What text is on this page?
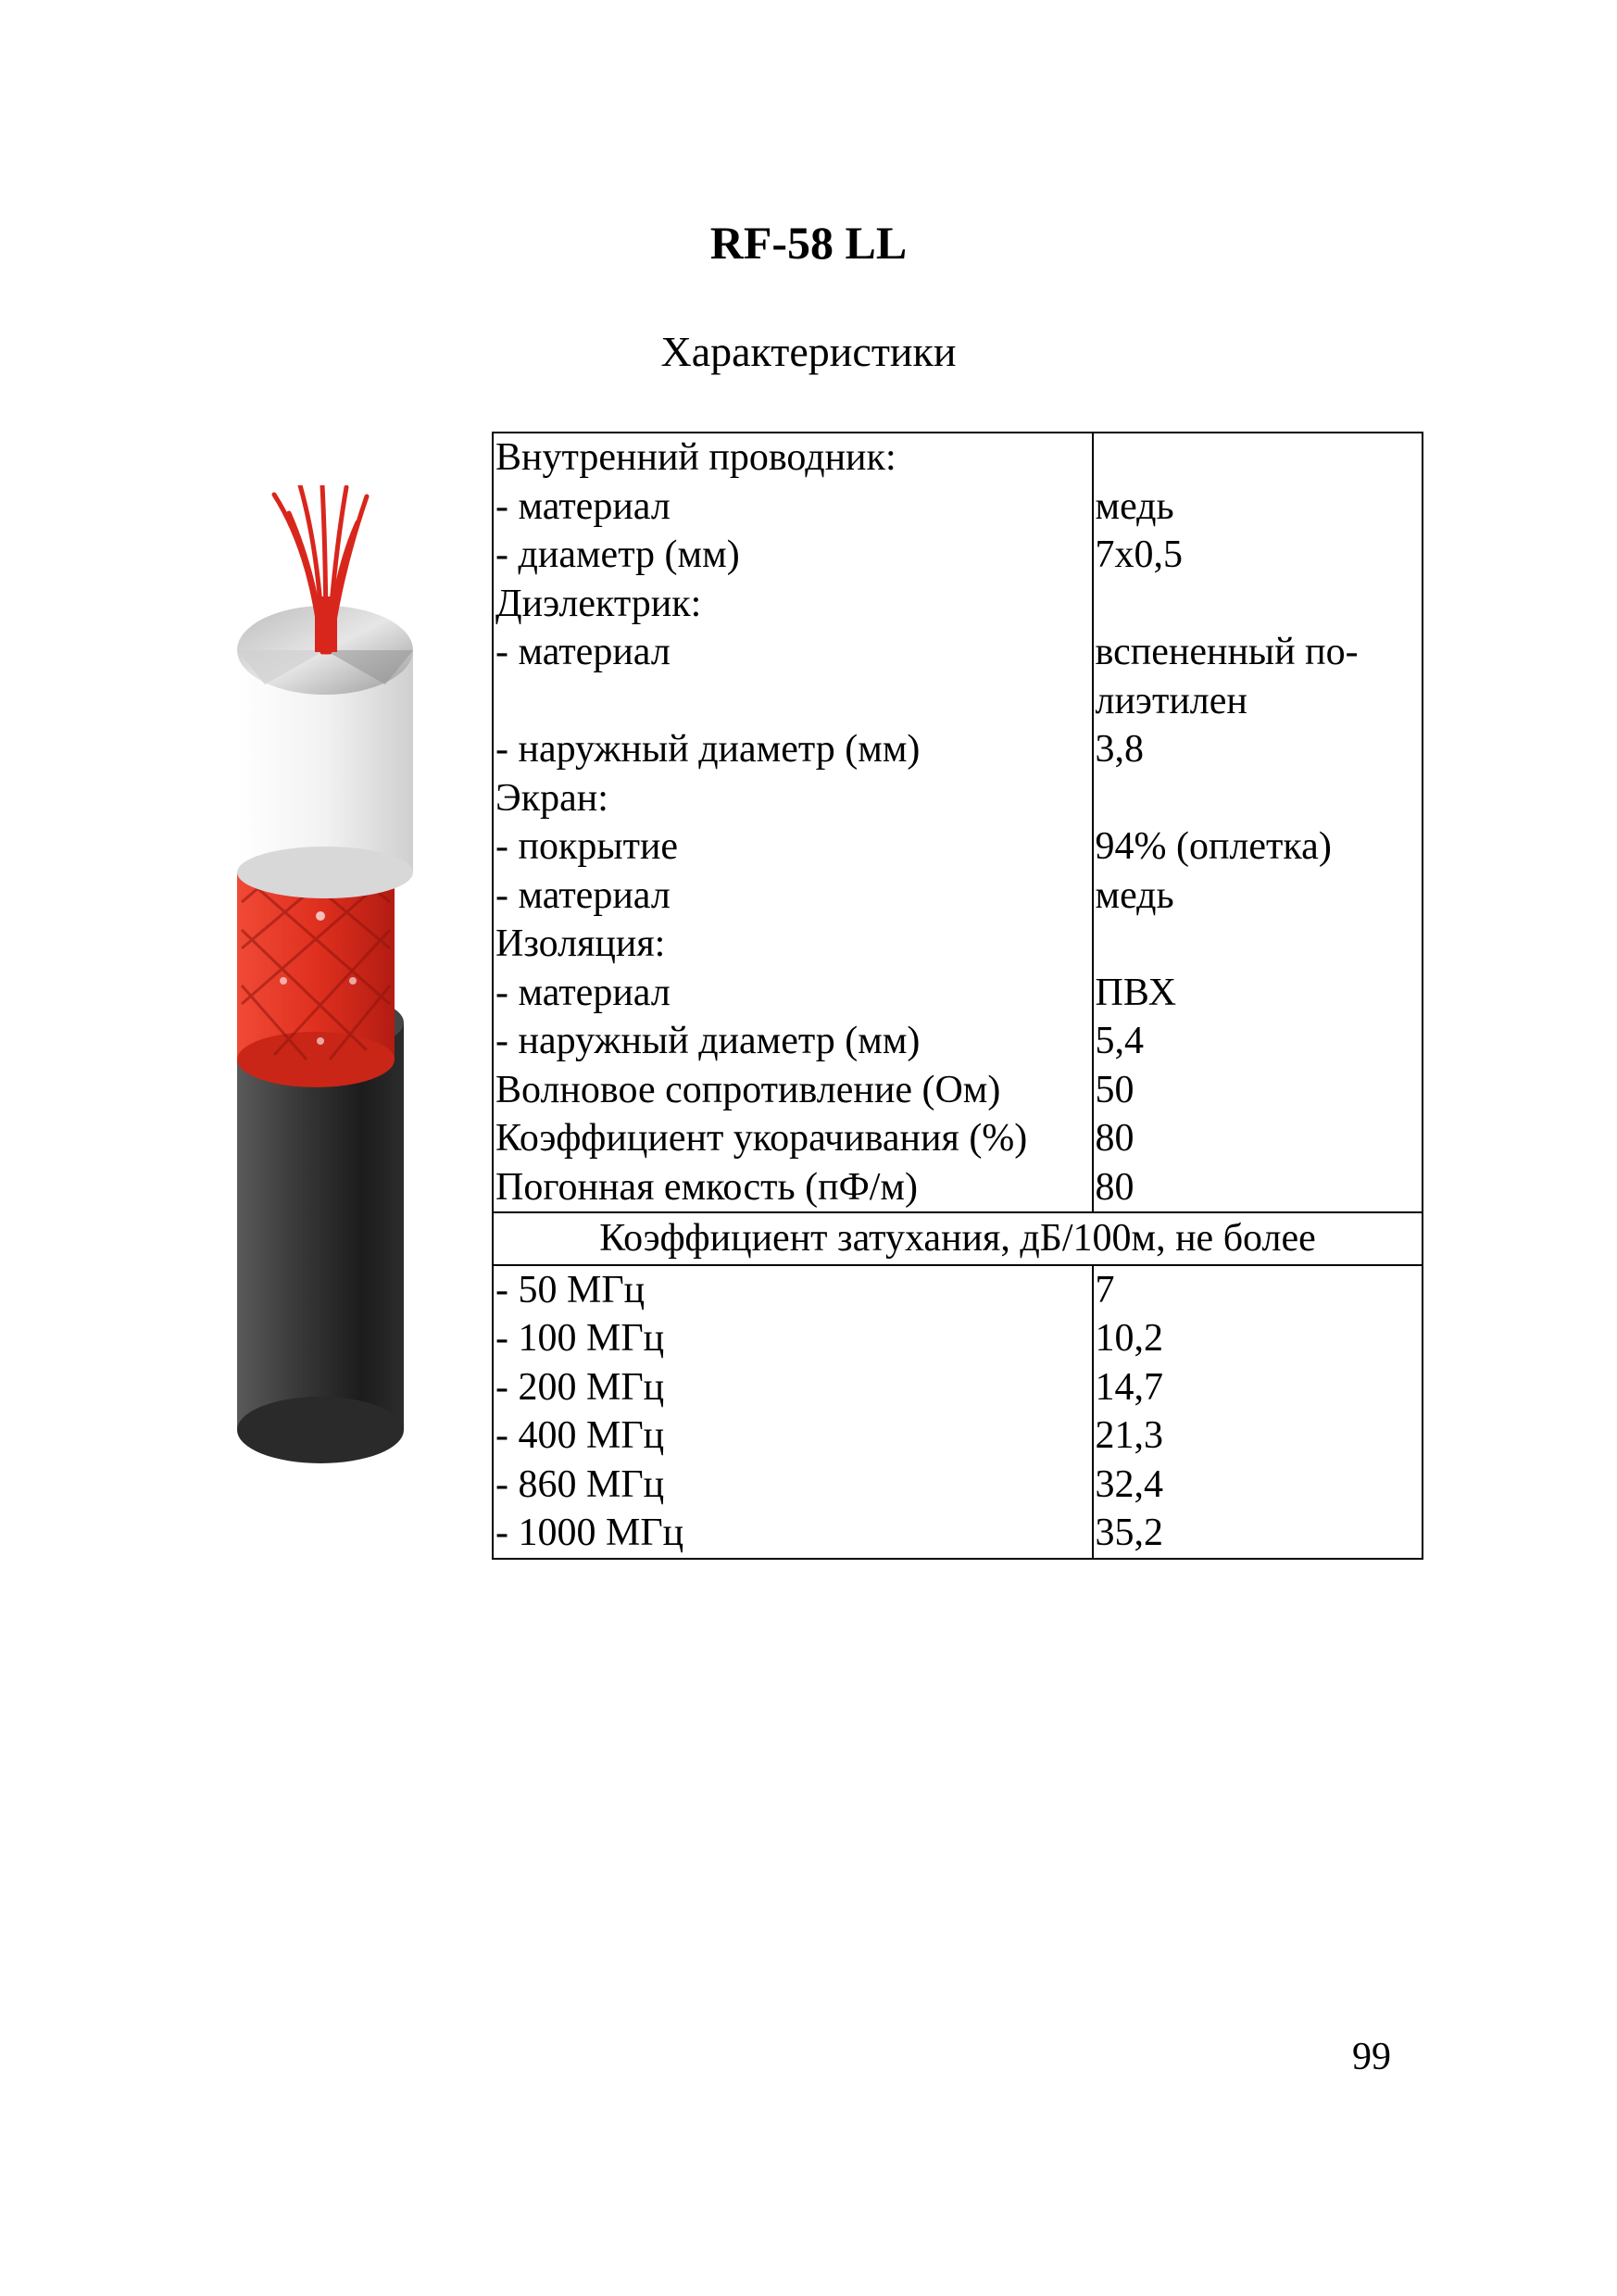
RF-58 LL
Характеристики
Внутренний проводник:	
- материал	медь
- диаметр (мм)	7x0,5
Диэлектрик:	
- материал	вспененный по-лиэтилен
- наружный диаметр (мм)	3,8
Экран:	
- покрытие	94% (оплетка)
- материал	медь
Изоляция:	
- материал	ПВХ
- наружный диаметр (мм)	5,4
Волновое сопротивление (Ом)	50
Коэффициент укорачивания (%)	80
Погонная емкость (пФ/м)	80
Коэффициент затухания, дБ/100м, не более	
- 50 МГц	7
- 100 МГц	10,2
- 200 МГц	14,7
- 400 МГц	21,3
- 860 МГц	32,4
- 1000 МГц	35,2
99
